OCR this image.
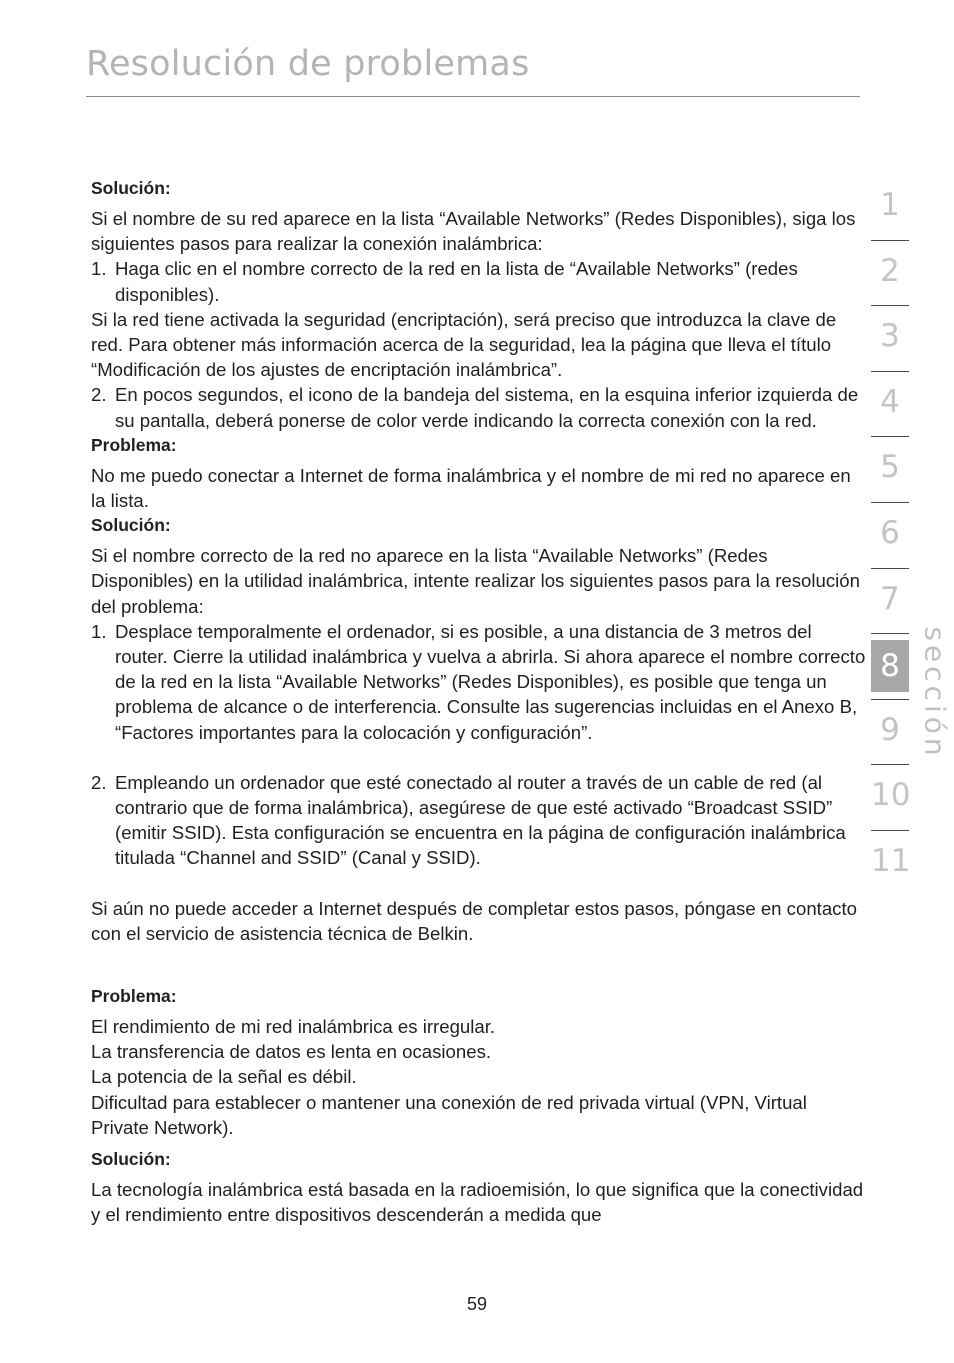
Resolución de problemas
Solución:

Si el nombre de su red aparece en la lista “Available Networks” (Redes Disponibles), siga los siguientes pasos para realizar la conexión inalámbrica:

1. Haga clic en el nombre correcto de la red en la lista de “Available Networks” (redes disponibles).

Si la red tiene activada la seguridad (encriptación), será preciso que introduzca la clave de red. Para obtener más información acerca de la seguridad, lea la página que lleva el título “Modificación de los ajustes de encriptación inalámbrica”.

2. En pocos segundos, el icono de la bandeja del sistema, en la esquina inferior izquierda de su pantalla, deberá ponerse de color verde indicando la correcta conexión con la red.
Problema:

No me puedo conectar a Internet de forma inalámbrica y el nombre de mi red no aparece en la lista.

Solución:

Si el nombre correcto de la red no aparece en la lista “Available Networks” (Redes Disponibles) en la utilidad inalámbrica, intente realizar los siguientes pasos para la resolución del problema:

1. Desplace temporalmente el ordenador, si es posible, a una distancia de 3 metros del router. Cierre la utilidad inalámbrica y vuelva a abrirla. Si ahora aparece el nombre correcto de la red en la lista “Available Networks” (Redes Disponibles), es posible que tenga un problema de alcance o de interferencia. Consulte las sugerencias incluidas en el Anexo B, “Factores importantes para la colocación y configuración”.
2. Empleando un ordenador que esté conectado al router a través de un cable de red (al contrario que de forma inalámbrica), asegúrese de que esté activado “Broadcast SSID” (emitir SSID). Esta configuración se encuentra en la página de configuración inalámbrica titulada “Channel and SSID” (Canal y SSID).

Si aún no puede acceder a Internet después de completar estos pasos, póngase en contacto con el servicio de asistencia técnica de Belkin.

Problema:

El rendimiento de mi red inalámbrica es irregular.

La transferencia de datos es lenta en ocasiones.

La potencia de la señal es débil.

Dificultad para establecer o mantener una conexión de red privada virtual (VPN, Virtual Private Network).

Solución:

La tecnología inalámbrica está basada en la radioemisión, lo que significa que la conectividad y el rendimiento entre dispositivos descenderán a medida que

1
2
3
4
5
6
7
8
9
10
11
sección
59
